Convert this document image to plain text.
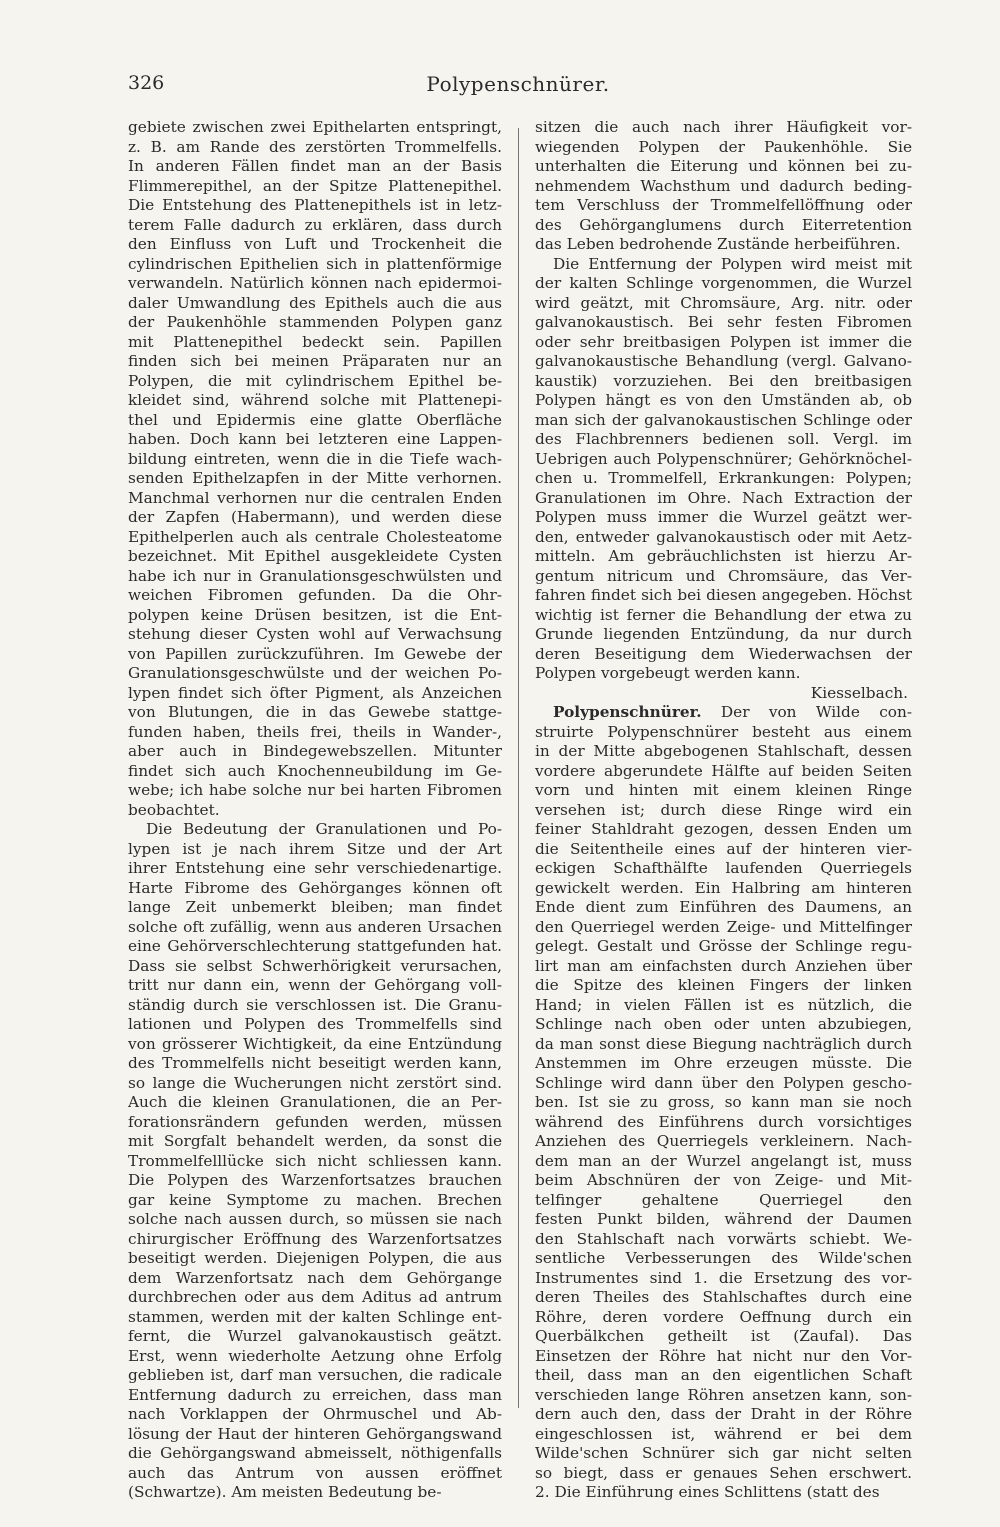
326	Polypenschnürer.
gebiete zwischen zwei Epithelarten entspringt,
z. B. am Rande des zerstörten Trommelfells.
In anderen Fällen findet man an der Basis
Flimmerepithel, an der Spitze Plattenepithel.
Die Entstehung des Plattenepithels ist in letz-
terem Falle dadurch zu erklären, dass durch
den Einfluss von Luft und Trockenheit die
cylindrischen Epithelien sich in plattenförmige
verwandeln. Natürlich können nach epidermoi-
daler Umwandlung des Epithels auch die aus
der Paukenhöhle stammenden Polypen ganz
mit Plattenepithel bedeckt sein. Papillen
finden sich bei meinen Präparaten nur an
Polypen, die mit cylindrischem Epithel be-
kleidet sind, während solche mit Plattenepi-
thel und Epidermis eine glatte Oberfläche
haben. Doch kann bei letzteren eine Lappen-
bildung eintreten, wenn die in die Tiefe wach-
senden Epithelzapfen in der Mitte verhornen.
Manchmal verhornen nur die centralen Enden
der Zapfen (Habermann), und werden diese
Epithelperlen auch als centrale Cholesteatome
bezeichnet. Mit Epithel ausgekleidete Cysten
habe ich nur in Granulationsgeschwülsten und
weichen Fibromen gefunden. Da die Ohr-
polypen keine Drüsen besitzen, ist die Ent-
stehung dieser Cysten wohl auf Verwachsung
von Papillen zurückzuführen. Im Gewebe der
Granulationsgeschwülste und der weichen Po-
lypen findet sich öfter Pigment, als Anzeichen
von Blutungen, die in das Gewebe stattge-
funden haben, theils frei, theils in Wander-,
aber auch in Bindegewebszellen. Mitunter
findet sich auch Knochenneubildung im Ge-
webe; ich habe solche nur bei harten Fibromen
beobachtet.
Die Bedeutung der Granulationen und Po-
lypen ist je nach ihrem Sitze und der Art
ihrer Entstehung eine sehr verschiedenartige.
Harte Fibrome des Gehörganges können oft
lange Zeit unbemerkt bleiben; man findet
solche oft zufällig, wenn aus anderen Ursachen
eine Gehörverschlechterung stattgefunden hat.
Dass sie selbst Schwerhörigkeit verursachen,
tritt nur dann ein, wenn der Gehörgang voll-
ständig durch sie verschlossen ist. Die Granu-
lationen und Polypen des Trommelfells sind
von grösserer Wichtigkeit, da eine Entzündung
des Trommelfells nicht beseitigt werden kann,
so lange die Wucherungen nicht zerstört sind.
Auch die kleinen Granulationen, die an Per-
forationsrändern gefunden werden, müssen
mit Sorgfalt behandelt werden, da sonst die
Trommelfelllücke sich nicht schliessen kann.
Die Polypen des Warzenfortsatzes brauchen
gar keine Symptome zu machen. Brechen
solche nach aussen durch, so müssen sie nach
chirurgischer Eröffnung des Warzenfortsatzes
beseitigt werden. Diejenigen Polypen, die aus
dem Warzenfortsatz nach dem Gehörgange
durchbrechen oder aus dem Aditus ad antrum
stammen, werden mit der kalten Schlinge ent-
fernt, die Wurzel galvanokaustisch geätzt.
Erst, wenn wiederholte Aetzung ohne Erfolg
geblieben ist, darf man versuchen, die radicale
Entfernung dadurch zu erreichen, dass man
nach Vorklappen der Ohrmuschel und Ab-
lösung der Haut der hinteren Gehörgangswand
die Gehörgangswand abmeisselt, nöthigenfalls
auch das Antrum von aussen eröffnet
(Schwartze). Am meisten Bedeutung be-
sitzen die auch nach ihrer Häufigkeit vor-
wiegenden Polypen der Paukenhöhle. Sie
unterhalten die Eiterung und können bei zu-
nehmendem Wachsthum und dadurch beding-
tem Verschluss der Trommelfellöffnung oder
des Gehörganglumens durch Eiterretention
das Leben bedrohende Zustände herbeiführen.
Die Entfernung der Polypen wird meist mit
der kalten Schlinge vorgenommen, die Wurzel
wird geätzt, mit Chromsäure, Arg. nitr. oder
galvanokaustisch. Bei sehr festen Fibromen
oder sehr breitbasigen Polypen ist immer die
galvanokaustische Behandlung (vergl. Galvano-
kaustik) vorzuziehen. Bei den breitbasigen
Polypen hängt es von den Umständen ab, ob
man sich der galvanokaustischen Schlinge oder
des Flachbrenners bedienen soll. Vergl. im
Uebrigen auch Polypenschnürer; Gehörknöchel-
chen u. Trommelfell, Erkrankungen: Polypen;
Granulationen im Ohre. Nach Extraction der
Polypen muss immer die Wurzel geätzt wer-
den, entweder galvanokaustisch oder mit Aetz-
mitteln. Am gebräuchlichsten ist hierzu Ar-
gentum nitricum und Chromsäure, das Ver-
fahren findet sich bei diesen angegeben. Höchst
wichtig ist ferner die Behandlung der etwa zu
Grunde liegenden Entzündung, da nur durch
deren Beseitigung dem Wiederwachsen der
Polypen vorgebeugt werden kann.
Kiesselbach.
Polypenschnürer. Der von Wilde con-
struirte Polypenschnürer besteht aus einem
in der Mitte abgebogenen Stahlschaft, dessen
vordere abgerundete Hälfte auf beiden Seiten
vorn und hinten mit einem kleinen Ringe
versehen ist; durch diese Ringe wird ein
feiner Stahldraht gezogen, dessen Enden um
die Seitentheile eines auf der hinteren vier-
eckigen Schafthälfte laufenden Querriegels
gewickelt werden. Ein Halbring am hinteren
Ende dient zum Einführen des Daumens, an
den Querriegel werden Zeige- und Mittelfinger
gelegt. Gestalt und Grösse der Schlinge regu-
lirt man am einfachsten durch Anziehen über
die Spitze des kleinen Fingers der linken
Hand; in vielen Fällen ist es nützlich, die
Schlinge nach oben oder unten abzubiegen,
da man sonst diese Biegung nachträglich durch
Anstemmen im Ohre erzeugen müsste. Die
Schlinge wird dann über den Polypen gescho-
ben. Ist sie zu gross, so kann man sie noch
während des Einführens durch vorsichtiges
Anziehen des Querriegels verkleinern. Nach-
dem man an der Wurzel angelangt ist, muss
beim Abschnüren der von Zeige- und Mit-
telfinger gehaltene Querriegel den
festen Punkt bilden, während der Daumen
den Stahlschaft nach vorwärts schiebt. We-
sentliche Verbesserungen des Wilde'schen
Instrumentes sind 1. die Ersetzung des vor-
deren Theiles des Stahlschaftes durch eine
Röhre, deren vordere Oeffnung durch ein
Querbälkchen getheilt ist (Zaufal). Das
Einsetzen der Röhre hat nicht nur den Vor-
theil, dass man an den eigentlichen Schaft
verschieden lange Röhren ansetzen kann, son-
dern auch den, dass der Draht in der Röhre
eingeschlossen ist, während er bei dem
Wilde'schen Schnürer sich gar nicht selten
so biegt, dass er genaues Sehen erschwert.
2. Die Einführung eines Schlittens (statt des
